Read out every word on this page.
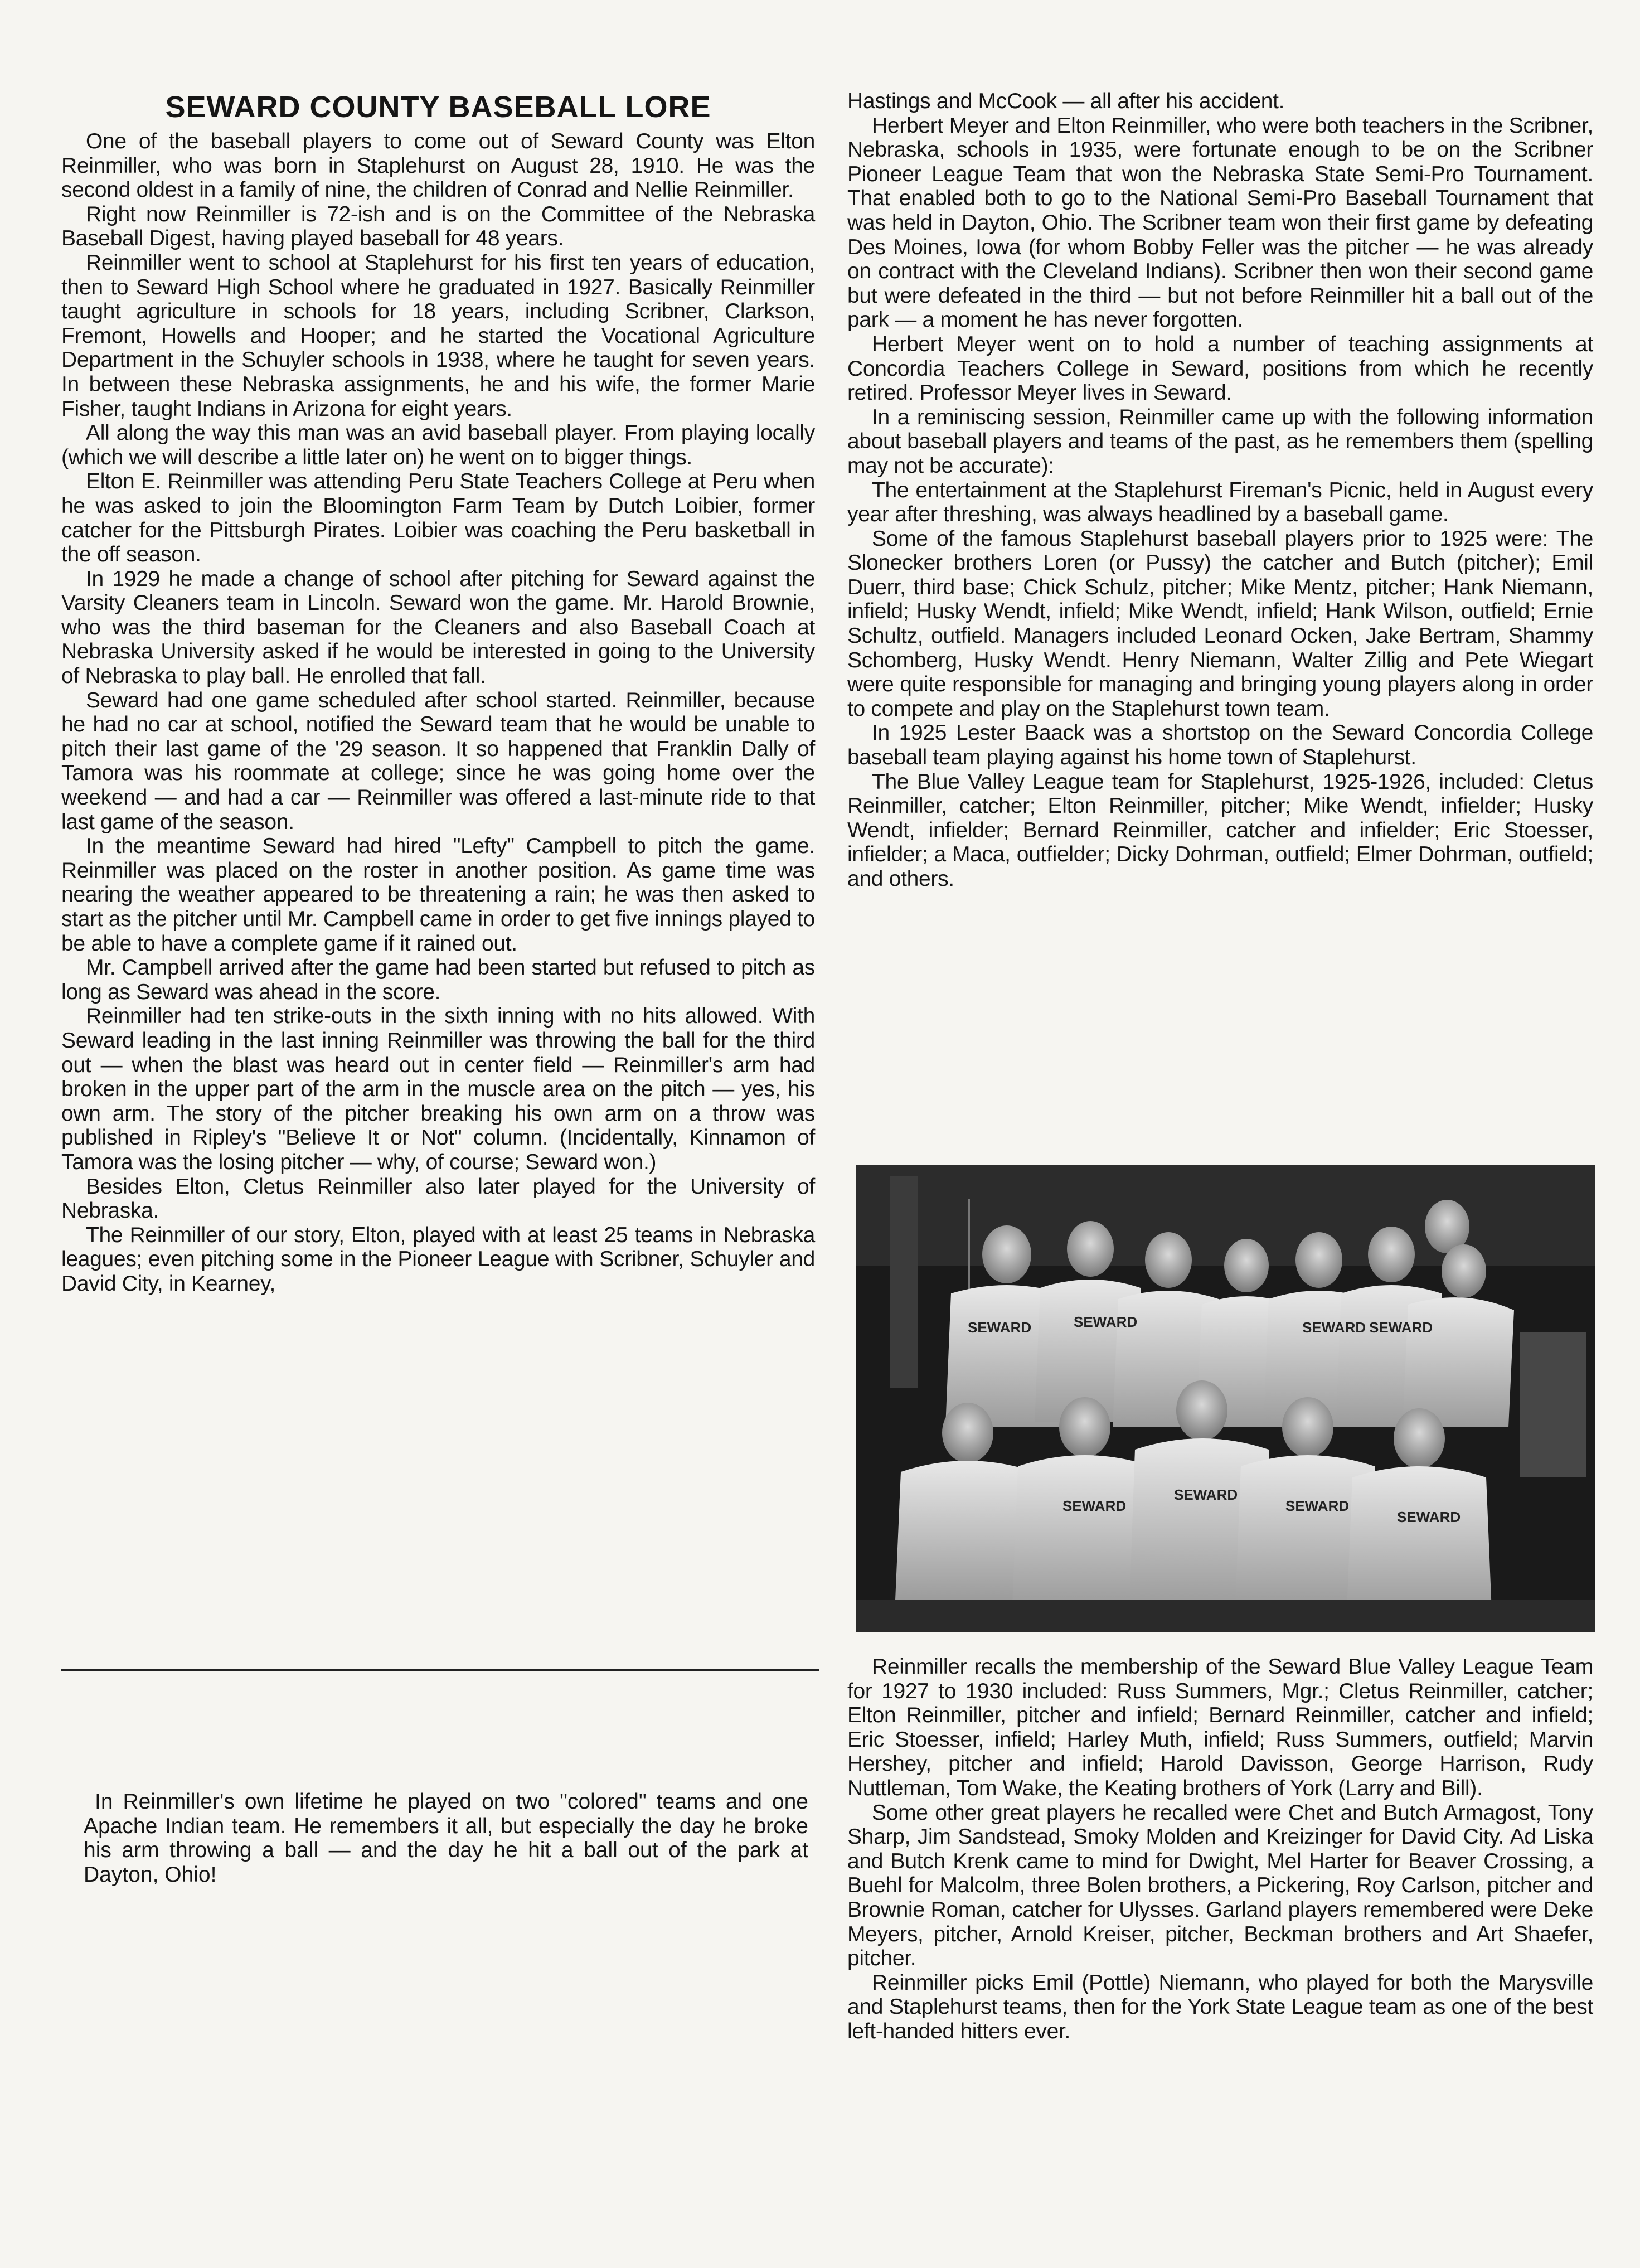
SEWARD COUNTY BASEBALL LORE

One of the baseball players to come out of Seward County was Elton Reinmiller, who was born in Staplehurst on August 28, 1910. He was the second oldest in a family of nine, the children of Conrad and Nellie Reinmiller.

Right now Reinmiller is 72-ish and is on the Committee of the Nebraska Baseball Digest, having played baseball for 48 years.

Reinmiller went to school at Staplehurst for his first ten years of education, then to Seward High School where he graduated in 1927. Basically Reinmiller taught agriculture in schools for 18 years, including Scribner, Clarkson, Fremont, Howells and Hooper; and he started the Vocational Agriculture Department in the Schuyler schools in 1938, where he taught for seven years. In between these Nebraska assignments, he and his wife, the former Marie Fisher, taught Indians in Arizona for eight years.

All along the way this man was an avid baseball player. From playing locally (which we will describe a little later on) he went on to bigger things.

Elton E. Reinmiller was attending Peru State Teachers College at Peru when he was asked to join the Bloomington Farm Team by Dutch Loibier, former catcher for the Pittsburgh Pirates. Loibier was coaching the Peru basketball in the off season.

In 1929 he made a change of school after pitching for Seward against the Varsity Cleaners team in Lincoln. Seward won the game. Mr. Harold Brownie, who was the third baseman for the Cleaners and also Baseball Coach at Nebraska University asked if he would be interested in going to the University of Nebraska to play ball. He enrolled that fall.

Seward had one game scheduled after school started. Reinmiller, because he had no car at school, notified the Seward team that he would be unable to pitch their last game of the '29 season. It so happened that Franklin Dally of Tamora was his roommate at college; since he was going home over the weekend — and had a car — Reinmiller was offered a last-minute ride to that last game of the season.

In the meantime Seward had hired "Lefty" Campbell to pitch the game. Reinmiller was placed on the roster in another position. As game time was nearing the weather appeared to be threatening a rain; he was then asked to start as the pitcher until Mr. Campbell came in order to get five innings played to be able to have a complete game if it rained out.

Mr. Campbell arrived after the game had been started but refused to pitch as long as Seward was ahead in the score.

Reinmiller had ten strike-outs in the sixth inning with no hits allowed. With Seward leading in the last inning Reinmiller was throwing the ball for the third out — when the blast was heard out in center field — Reinmiller's arm had broken in the upper part of the arm in the muscle area on the pitch — yes, his own arm. The story of the pitcher breaking his own arm on a throw was published in Ripley's "Believe It or Not" column. (Incidentally, Kinnamon of Tamora was the losing pitcher — why, of course; Seward won.)

Besides Elton, Cletus Reinmiller also later played for the University of Nebraska.

The Reinmiller of our story, Elton, played with at least 25 teams in Nebraska leagues; even pitching some in the Pioneer League with Scribner, Schuyler and David City, in Kearney,

In Reinmiller's own lifetime he played on two "colored" teams and one Apache Indian team. He remembers it all, but especially the day he broke his arm throwing a ball — and the day he hit a ball out of the park at Dayton, Ohio!

Hastings and McCook — all after his accident.

Herbert Meyer and Elton Reinmiller, who were both teachers in the Scribner, Nebraska, schools in 1935, were fortunate enough to be on the Scribner Pioneer League Team that won the Nebraska State Semi-Pro Tournament. That enabled both to go to the National Semi-Pro Baseball Tournament that was held in Dayton, Ohio. The Scribner team won their first game by defeating Des Moines, Iowa (for whom Bobby Feller was the pitcher — he was already on contract with the Cleveland Indians). Scribner then won their second game but were defeated in the third — but not before Reinmiller hit a ball out of the park — a moment he has never forgotten.

Herbert Meyer went on to hold a number of teaching assignments at Concordia Teachers College in Seward, positions from which he recently retired. Professor Meyer lives in Seward.

In a reminiscing session, Reinmiller came up with the following information about baseball players and teams of the past, as he remembers them (spelling may not be accurate):

The entertainment at the Staplehurst Fireman's Picnic, held in August every year after threshing, was always headlined by a baseball game.

Some of the famous Staplehurst baseball players prior to 1925 were: The Slonecker brothers Loren (or Pussy) the catcher and Butch (pitcher); Emil Duerr, third base; Chick Schulz, pitcher; Mike Mentz, pitcher; Hank Niemann, infield; Husky Wendt, infield; Mike Wendt, infield; Hank Wilson, outfield; Ernie Schultz, outfield. Managers included Leonard Ocken, Jake Bertram, Shammy Schomberg, Husky Wendt. Henry Niemann, Walter Zillig and Pete Wiegart were quite responsible for managing and bringing young players along in order to compete and play on the Staplehurst town team.

In 1925 Lester Baack was a shortstop on the Seward Concordia College baseball team playing against his home town of Staplehurst.

The Blue Valley League team for Staplehurst, 1925-1926, included: Cletus Reinmiller, catcher; Elton Reinmiller, pitcher; Mike Wendt, infielder; Husky Wendt, infielder; Bernard Reinmiller, catcher and infielder; Eric Stoesser, infielder; a Maca, outfielder; Dicky Dohrman, outfield; Elmer Dohrman, outfield; and others.

SEWARD	SEWARD	SEWARD SEWARD
SEWARD
SEWARD
SEWARD
SEWARD

Reinmiller recalls the membership of the Seward Blue Valley League Team for 1927 to 1930 included: Russ Summers, Mgr.; Cletus Reinmiller, catcher; Elton Reinmiller, pitcher and infield; Bernard Reinmiller, catcher and infield; Eric Stoesser, infield; Harley Muth, infield; Russ Summers, outfield; Marvin Hershey, pitcher and infield; Harold Davisson, George Harrison, Rudy Nuttleman, Tom Wake, the Keating brothers of York (Larry and Bill).

Some other great players he recalled were Chet and Butch Armagost, Tony Sharp, Jim Sandstead, Smoky Molden and Kreizinger for David City. Ad Liska and Butch Krenk came to mind for Dwight, Mel Harter for Beaver Crossing, a Buehl for Malcolm, three Bolen brothers, a Pickering, Roy Carlson, pitcher and Brownie Roman, catcher for Ulysses. Garland players remembered were Deke Meyers, pitcher, Arnold Kreiser, pitcher, Beckman brothers and Art Shaefer, pitcher.

Reinmiller picks Emil (Pottle) Niemann, who played for both the Marysville and Staplehurst teams, then for the York State League team as one of the best left-handed hitters ever.
